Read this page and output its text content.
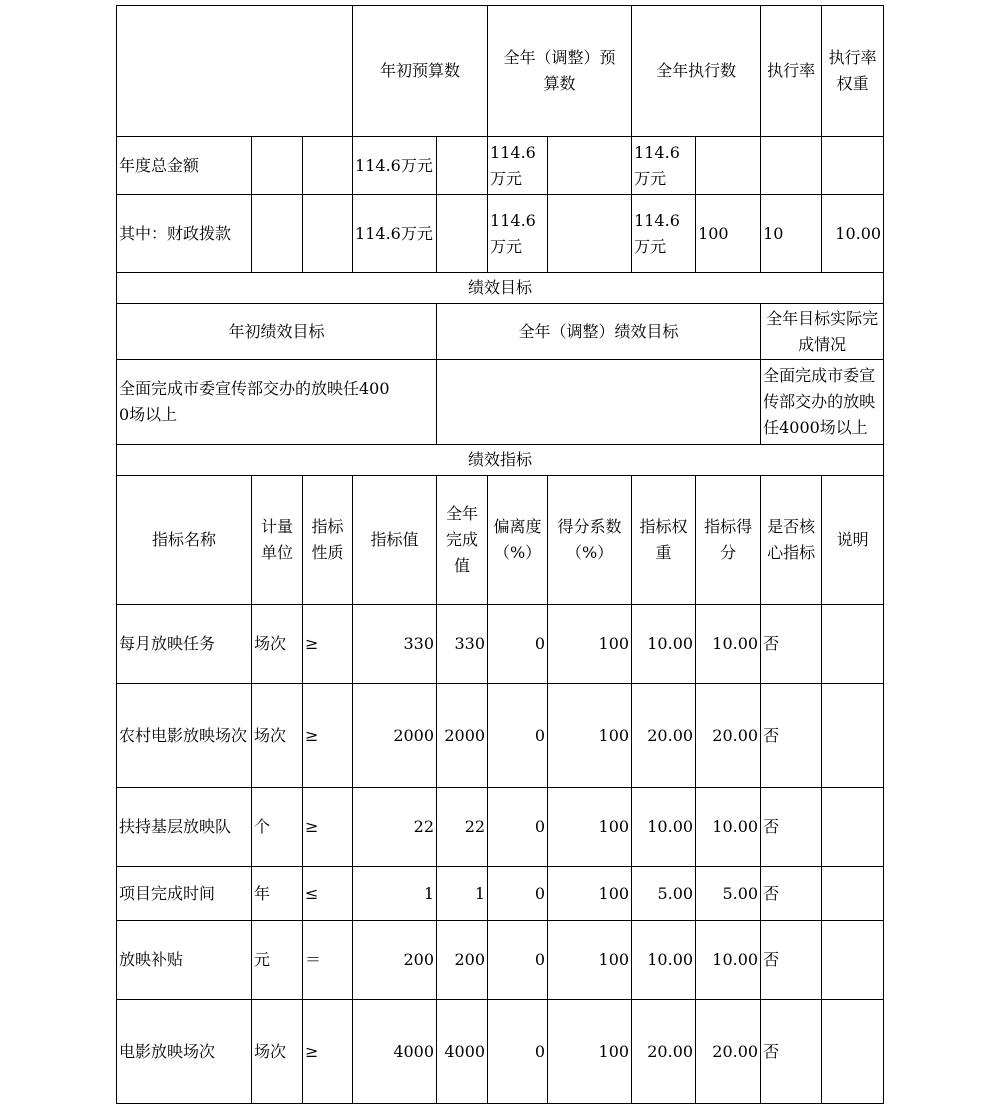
			年初预算数		全年（调整）预算数		全年执行数		执行率	执行率权重	
年度总金额			114.6万元		114.6万元		114.6万元				
其中：财政拨款			114.6万元		114.6万元		114.6万元	100	10	10.00	
绩效目标											
年初绩效目标				全年（调整）绩效目标					全年目标实际完成情况		
全面完成市委宣传部交办的放映任4000场以上									全面完成市委宣传部交办的放映任4000场以上		
绩效指标											
指标名称	计量单位	指标性质	指标值	全年完成值	偏离度（%）	得分系数（%）	指标权重	指标得分	是否核心指标	说明	
每月放映任务	场次	≥	330	330	0	100	10.00	10.00	否		
农村电影放映场次	场次	≥	2000	2000	0	100	20.00	20.00	否		
扶持基层放映队	个	≥	22	22	0	100	10.00	10.00	否		
项目完成时间	年	≤	1	1	0	100	5.00	5.00	否		
放映补贴	元	＝	200	200	0	100	10.00	10.00	否		
电影放映场次	场次	≥	4000	4000	0	100	20.00	20.00	否		
